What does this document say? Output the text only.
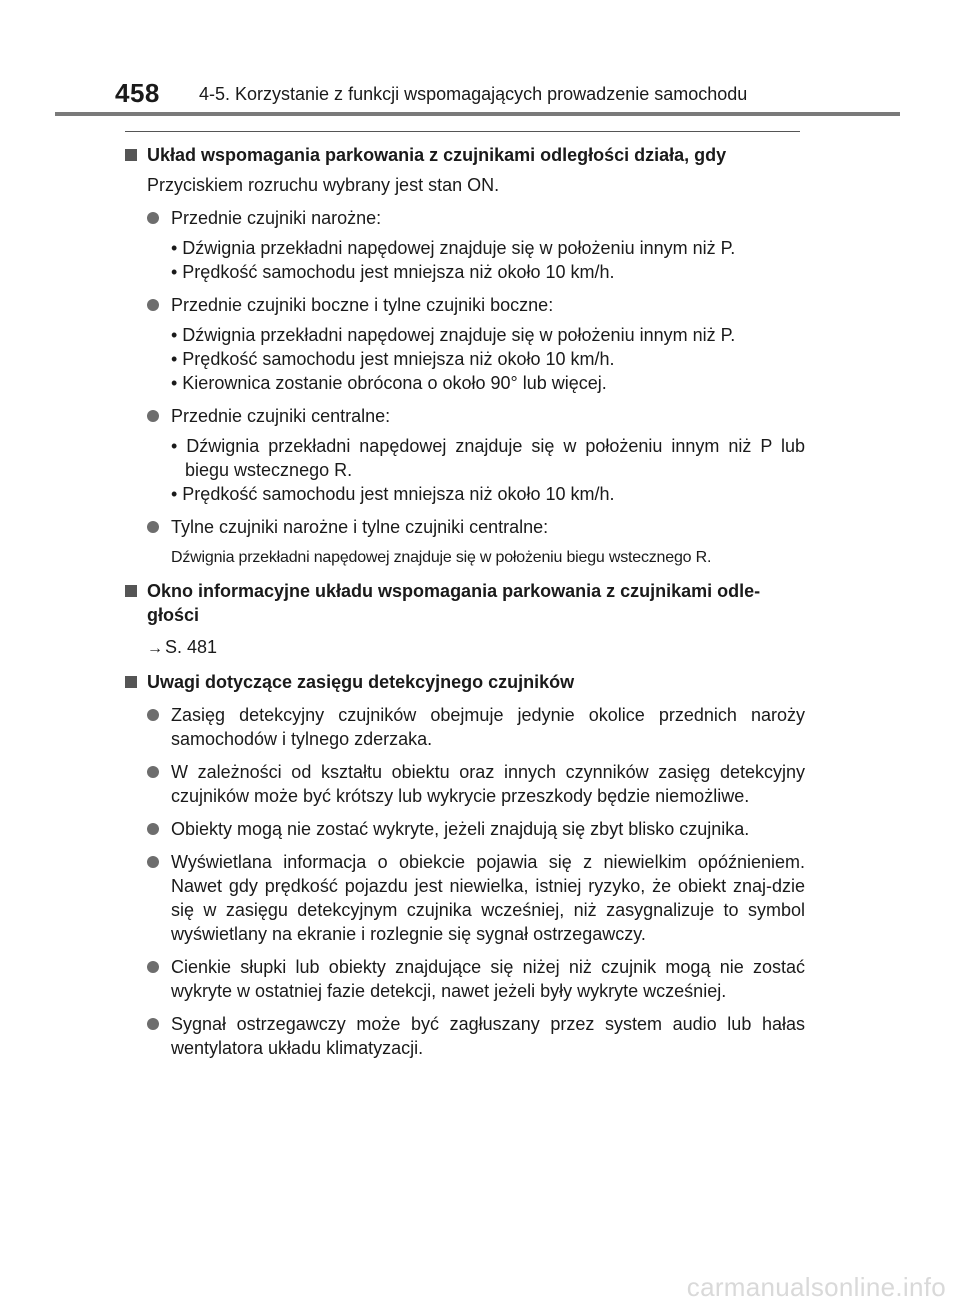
458 4-5. Korzystanie z funkcji wspomagających prowadzenie samochodu
Układ wspomagania parkowania z czujnikami odległości działa, gdy

Przyciskiem rozruchu wybrany jest stan ON.

Przednie czujniki narożne:
• Dźwignia przekładni napędowej znajduje się w położeniu innym niż P.
• Prędkość samochodu jest mniejsza niż około 10 km/h.
Przednie czujniki boczne i tylne czujniki boczne:
• Dźwignia przekładni napędowej znajduje się w położeniu innym niż P.
• Prędkość samochodu jest mniejsza niż około 10 km/h.
• Kierownica zostanie obrócona o około 90° lub więcej.
Przednie czujniki centralne:
• Dźwignia przekładni napędowej znajduje się w położeniu innym niż P lub biegu wstecznego R.
• Prędkość samochodu jest mniejsza niż około 10 km/h.
Tylne czujniki narożne i tylne czujniki centralne:
Dźwignia przekładni napędowej znajduje się w położeniu biegu wstecznego R.
Okno informacyjne układu wspomagania parkowania z czujnikami odle-głości

→ S. 481

Uwagi dotyczące zasięgu detekcyjnego czujników
Zasięg detekcyjny czujników obejmuje jedynie okolice przednich naroży samochodów i tylnego zderzaka.
W zależności od kształtu obiektu oraz innych czynników zasięg detekcyjny czujników może być krótszy lub wykrycie przeszkody będzie niemożliwe.
Obiekty mogą nie zostać wykryte, jeżeli znajdują się zbyt blisko czujnika.
Wyświetlana informacja o obiekcie pojawia się z niewielkim opóźnieniem. Nawet gdy prędkość pojazdu jest niewielka, istniej ryzyko, że obiekt znaj-dzie się w zasięgu detekcyjnym czujnika wcześniej, niż zasygnalizuje to symbol wyświetlany na ekranie i rozlegnie się sygnał ostrzegawczy.
Cienkie słupki lub obiekty znajdujące się niżej niż czujnik mogą nie zostać wykryte w ostatniej fazie detekcji, nawet jeżeli były wykryte wcześniej.
Sygnał ostrzegawczy może być zagłuszany przez system audio lub hałas wentylatora układu klimatyzacji.
carmanualsonline.info
